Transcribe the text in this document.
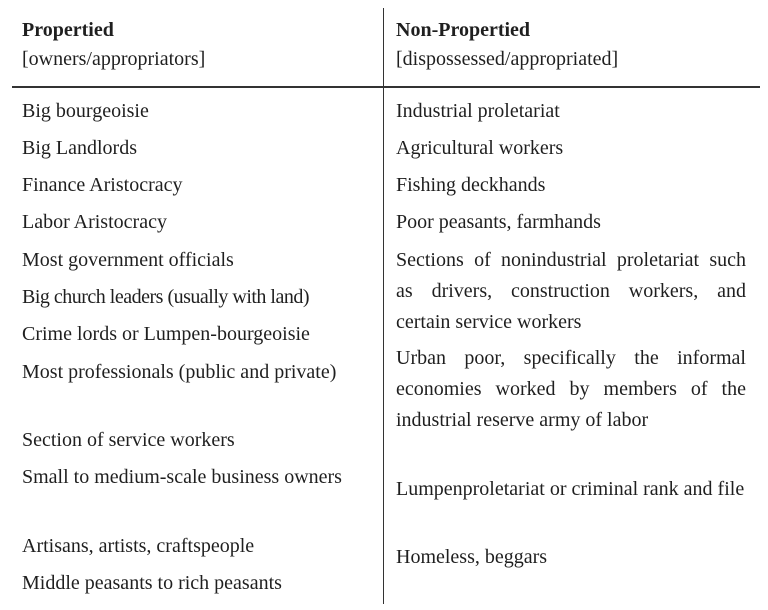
Propertied
[owners/appropriators]
Big bourgeoisie
Big Landlords
Finance Aristocracy
Labor Aristocracy
Most government officials
Big church leaders (usually with land)
Crime lords or Lumpen-bourgeoisie
Most professionals (public and private)
Section of service workers
Small to medium-scale business owners
Artisans, artists, craftspeople
Middle peasants to rich peasants
Non-Propertied
[dispossessed/appropriated]
Industrial proletariat
Agricultural workers
Fishing deckhands
Poor peasants, farmhands
Sections of nonindustrial proletariat such as drivers, construction workers, and certain service workers
Urban poor, specifically the informal economies worked by members of the industrial reserve army of labor
Lumpenproletariat or criminal rank and file
Homeless, beggars
